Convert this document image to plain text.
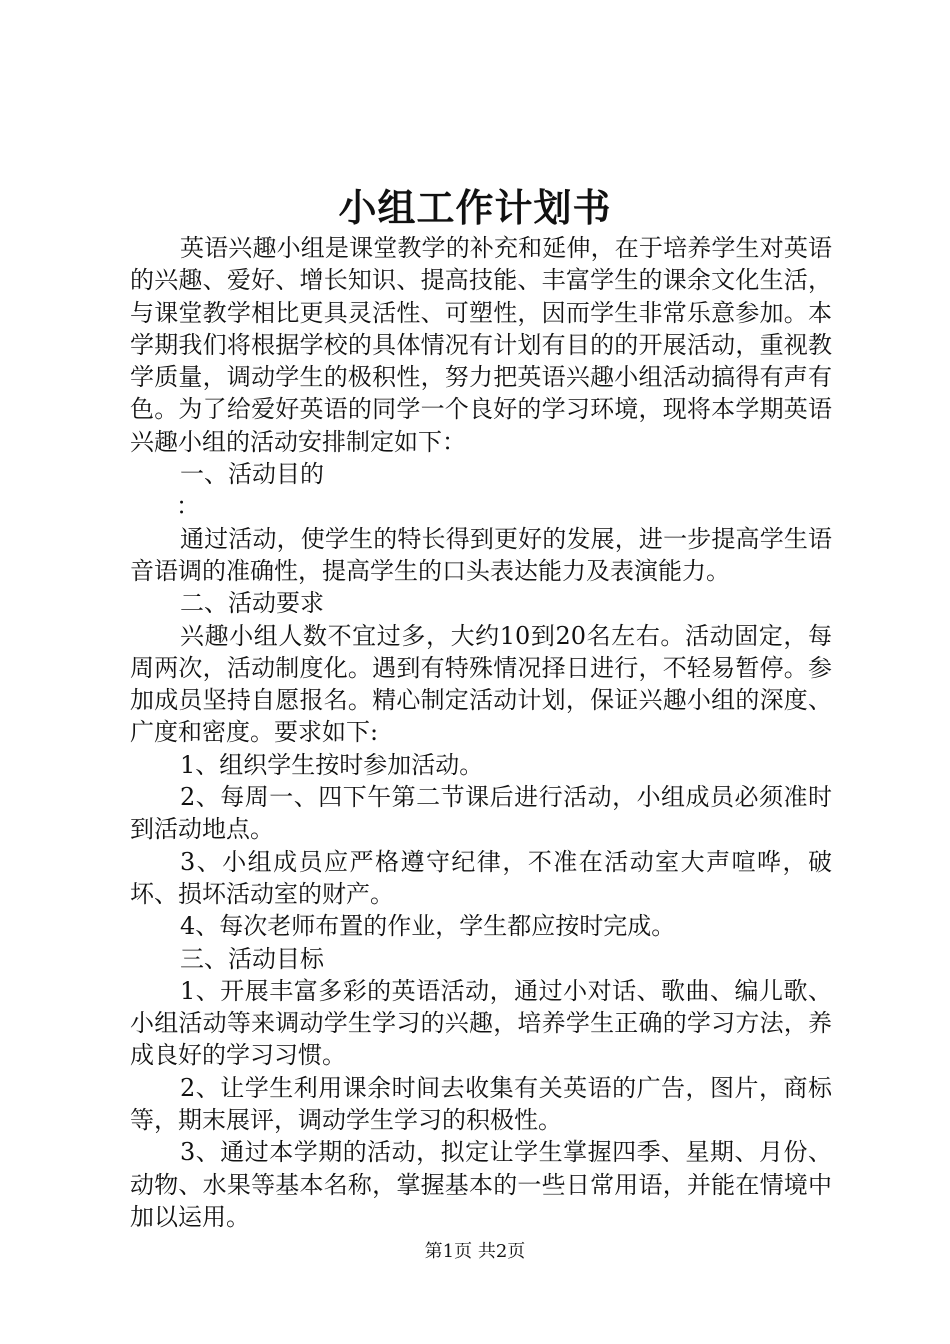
小组工作计划书

英语兴趣小组是课堂教学的补充和延伸，在于培养学生对英语的兴趣、爱好、增长知识、提高技能、丰富学生的课余文化生活，与课堂教学相比更具灵活性、可塑性，因而学生非常乐意参加。本学期我们将根据学校的具体情况有计划有目的的开展活动，重视教学质量，调动学生的极积性，努力把英语兴趣小组活动搞得有声有色。为了给爱好英语的同学一个良好的学习环境，现将本学期英语兴趣小组的活动安排制定如下：

一、活动目的

：

通过活动，使学生的特长得到更好的发展，进一步提高学生语音语调的准确性，提高学生的口头表达能力及表演能力。

二、活动要求

兴趣小组人数不宜过多，大约10到20名左右。活动固定，每周两次，活动制度化。遇到有特殊情况择日进行，不轻易暂停。参加成员坚持自愿报名。精心制定活动计划，保证兴趣小组的深度、广度和密度。要求如下:

1、组织学生按时参加活动。

2、每周一、四下午第二节课后进行活动，小组成员必须准时到活动地点。

3、小组成员应严格遵守纪律，不准在活动室大声喧哗，破坏、损坏活动室的财产。

4、每次老师布置的作业，学生都应按时完成。

三、活动目标

1、开展丰富多彩的英语活动，通过小对话、歌曲、编儿歌、小组活动等来调动学生学习的兴趣，培养学生正确的学习方法，养成良好的学习习惯。

2、让学生利用课余时间去收集有关英语的广告，图片，商标等，期末展评，调动学生学习的积极性。

3、通过本学期的活动，拟定让学生掌握四季、星期、月份、动物、水果等基本名称，掌握基本的一些日常用语，并能在情境中加以运用。

第1页 共2页
